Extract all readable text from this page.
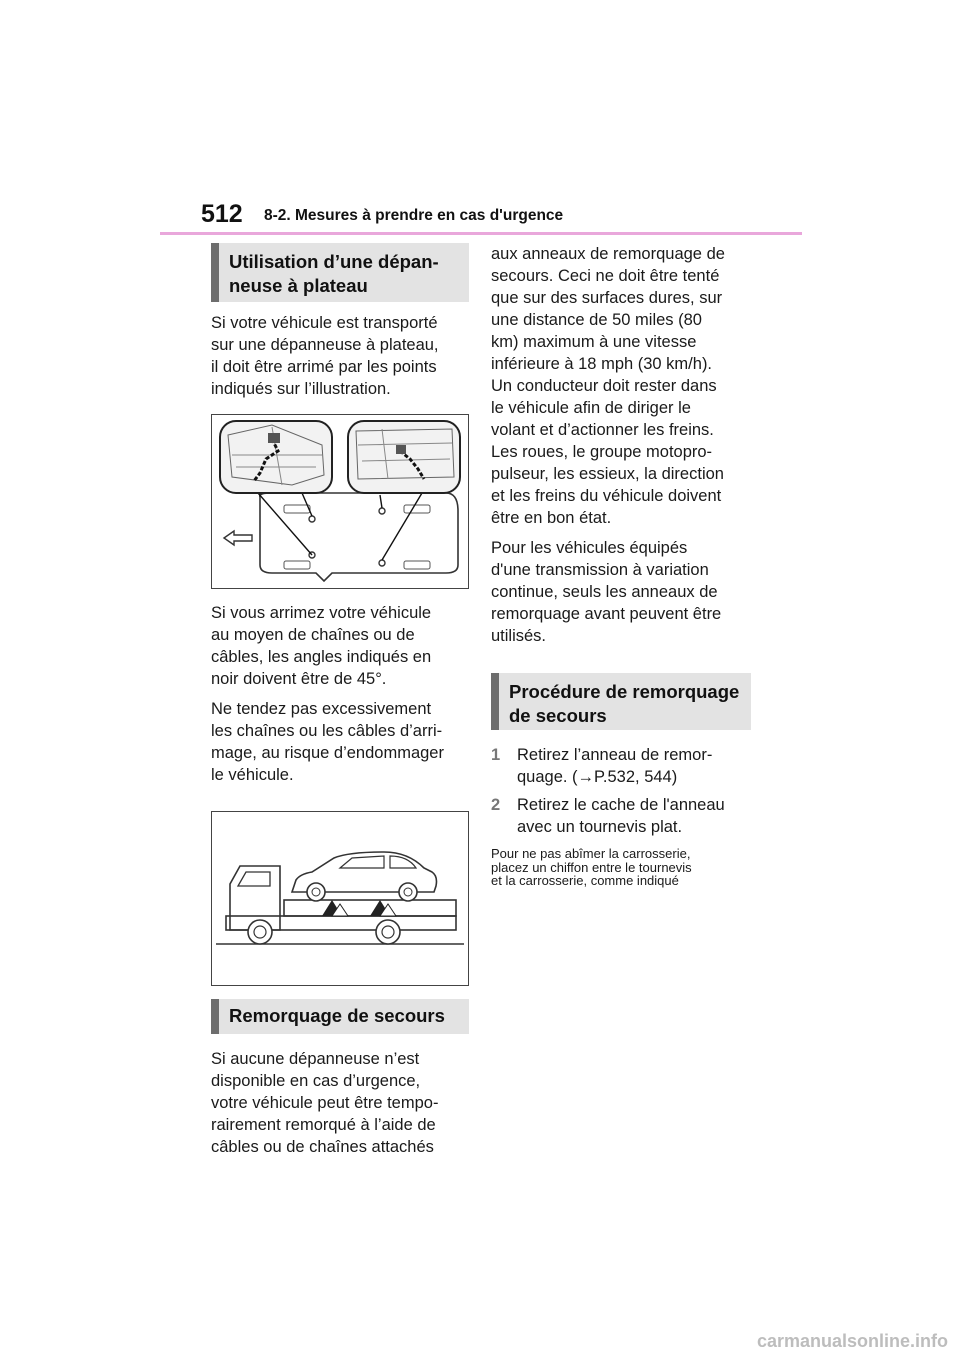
512 8-2. Mesures à prendre en cas d'urgence
Utilisation d’une dépan-
neuse à plateau

Si votre véhicule est transporté
sur une dépanneuse à plateau,
il doit être arrimé par les points
indiqués sur l’illustration.

Si vous arrimez votre véhicule
au moyen de chaînes ou de
câbles, les angles indiqués en
noir doivent être de 45°.

Ne tendez pas excessivement
les chaînes ou les câbles d’arri-
mage, au risque d’endommager
le véhicule.

Remorquage de secours

Si aucune dépanneuse n’est
disponible en cas d’urgence,
votre véhicule peut être tempo-
rairement remorqué à l’aide de
câbles ou de chaînes attachés

aux anneaux de remorquage de
secours. Ceci ne doit être tenté
que sur des surfaces dures, sur
une distance de 50 miles (80
km) maximum à une vitesse
inférieure à 18 mph (30 km/h).
Un conducteur doit rester dans
le véhicule afin de diriger le
volant et d’actionner les freins.
Les roues, le groupe motopro-
pulseur, les essieux, la direction
et les freins du véhicule doivent
être en bon état.

Pour les véhicules équipés
d'une transmission à variation
continue, seuls les anneaux de
remorquage avant peuvent être
utilisés.

Procédure de remorquage
de secours
1 Retirez l’anneau de remor-
quage. (→P.532, 544)
2 Retirez le cache de l'anneau
avec un tournevis plat.

Pour ne pas abîmer la carrosserie,
placez un chiffon entre le tournevis
et la carrosserie, comme indiqué

carmanualsonline.info
